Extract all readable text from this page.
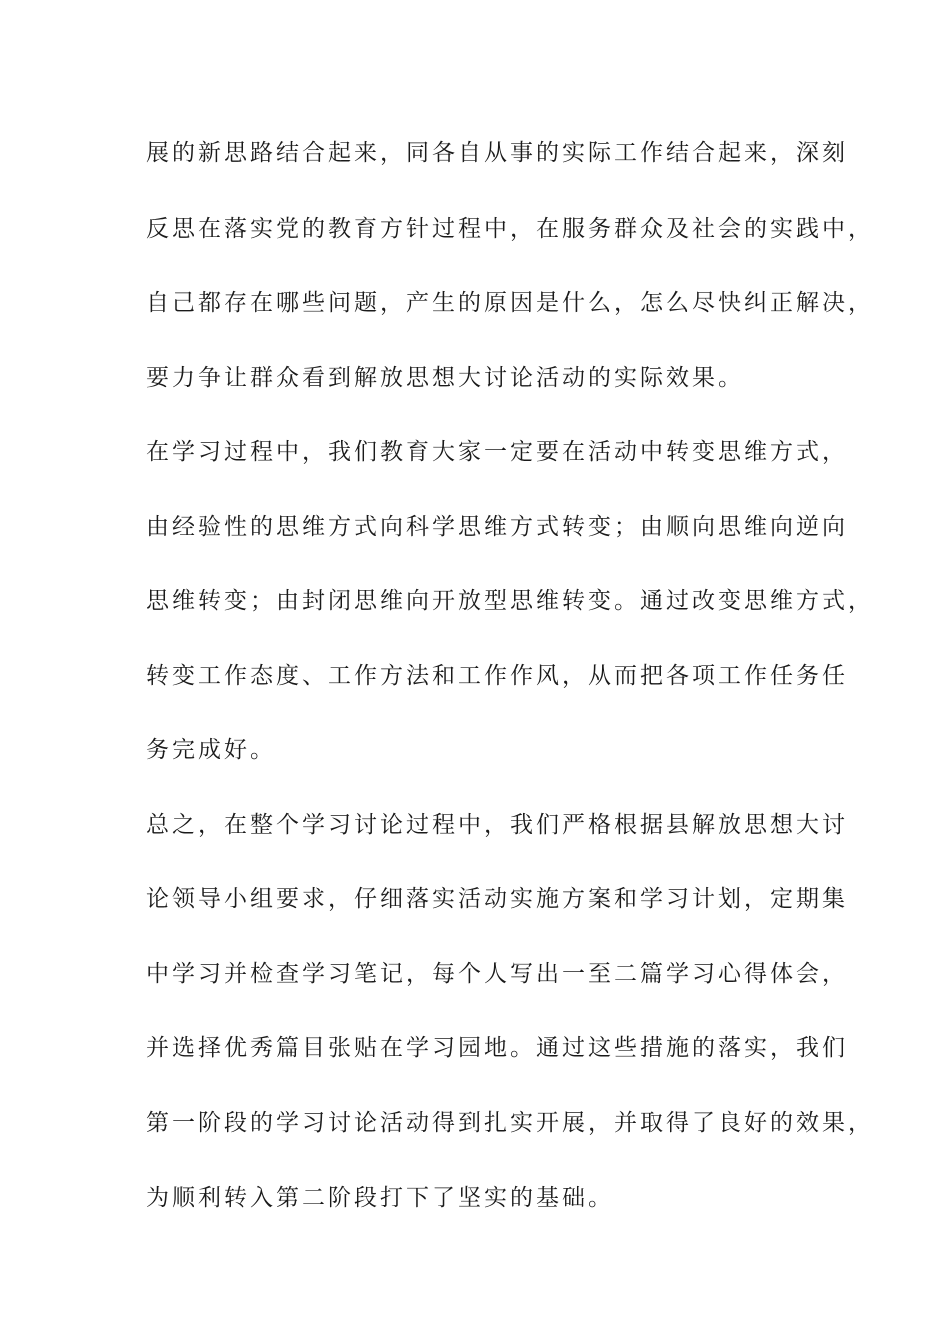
展的新思路结合起来，同各自从事的实际工作结合起来，深刻
反思在落实党的教育方针过程中，在服务群众及社会的实践中，
自己都存在哪些问题，产生的原因是什么，怎么尽快纠正解决，
要力争让群众看到解放思想大讨论活动的实际效果。
在学习过程中，我们教育大家一定要在活动中转变思维方式，
由经验性的思维方式向科学思维方式转变；由顺向思维向逆向
思维转变；由封闭思维向开放型思维转变。通过改变思维方式，
转变工作态度、工作方法和工作作风，从而把各项工作任务任
务完成好。
总之，在整个学习讨论过程中，我们严格根据县解放思想大讨
论领导小组要求，仔细落实活动实施方案和学习计划，定期集
中学习并检查学习笔记，每个人写出一至二篇学习心得体会，
并选择优秀篇目张贴在学习园地。通过这些措施的落实，我们
第一阶段的学习讨论活动得到扎实开展，并取得了良好的效果，
为顺利转入第二阶段打下了坚实的基础。
